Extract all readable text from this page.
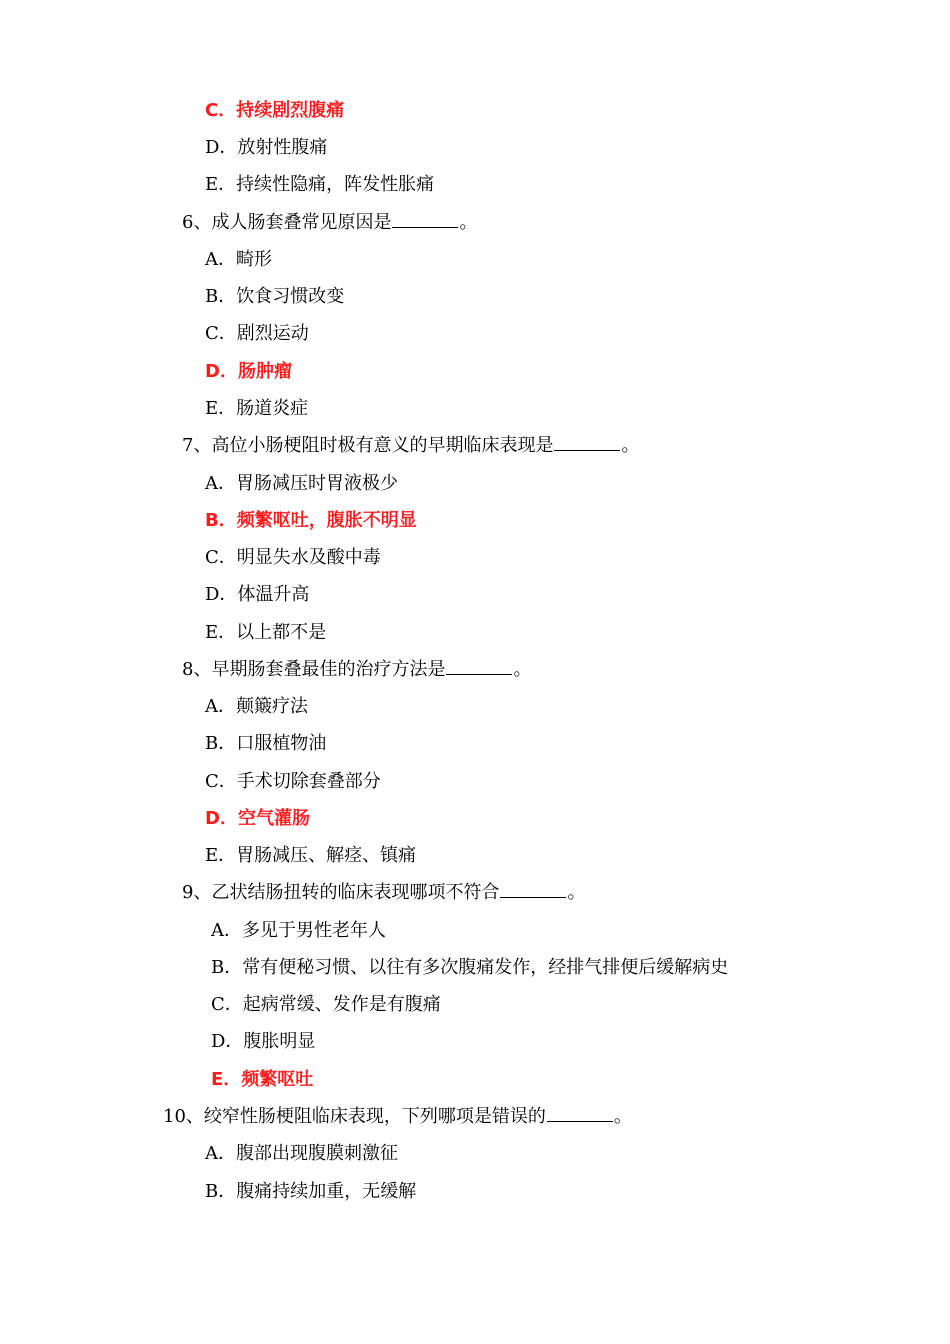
C．持续剧烈腹痛
D．放射性腹痛
E．持续性隐痛，阵发性胀痛
6、成人肠套叠常见原因是	。
A．畸形
B．饮食习惯改变
C．剧烈运动
D．肠肿瘤
E．肠道炎症
7、高位小肠梗阻时极有意义的早期临床表现是	。
A．胃肠减压时胃液极少
B．频繁呕吐，腹胀不明显
C．明显失水及酸中毒
D．体温升高
E．以上都不是
8、早期肠套叠最佳的治疗方法是	。
A．颠簸疗法
B．口服植物油
C．手术切除套叠部分
D．空气灌肠
E．胃肠减压、解痉、镇痛
9、乙状结肠扭转的临床表现哪项不符合	。
A．多见于男性老年人
B．常有便秘习惯、以往有多次腹痛发作，经排气排便后缓解病史
C．起病常缓、发作是有腹痛
D．腹胀明显
E．频繁呕吐
10、绞窄性肠梗阻临床表现，下列哪项是错误的	。
A．腹部出现腹膜刺激征
B．腹痛持续加重，无缓解
